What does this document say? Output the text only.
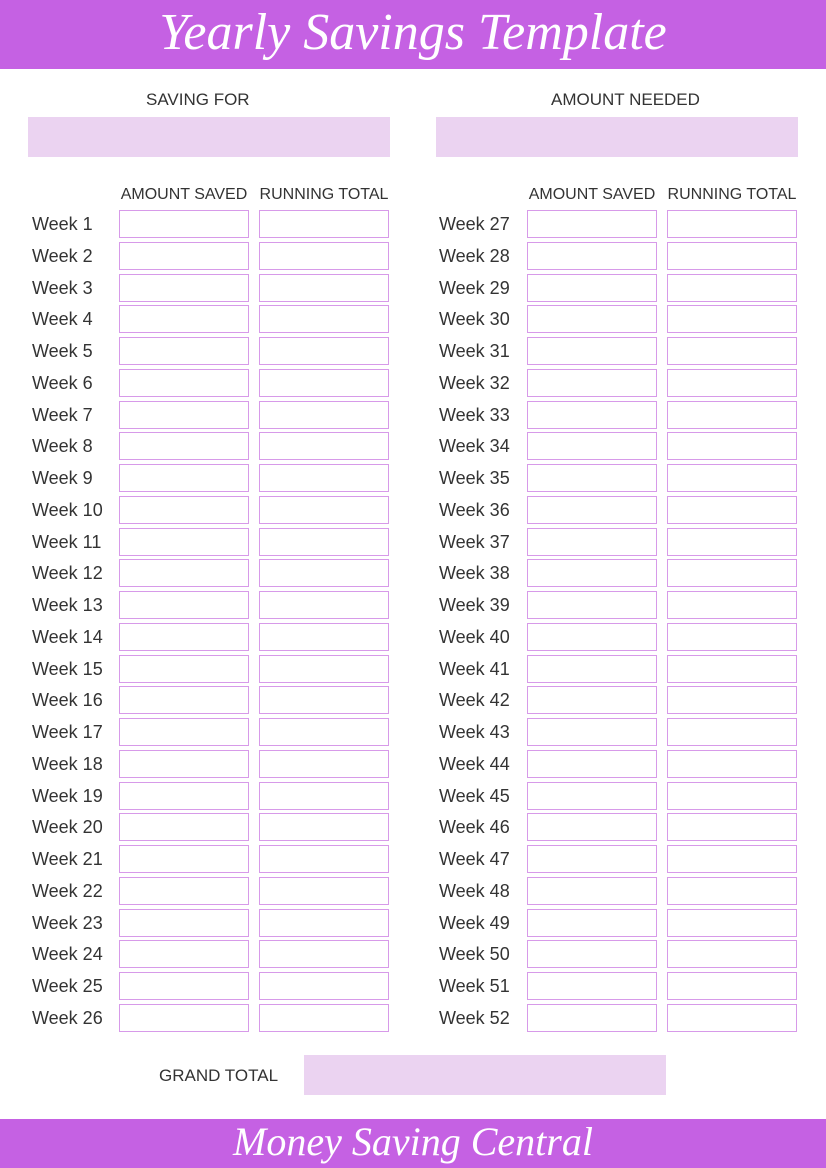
Yearly Savings Template
SAVING FOR	AMOUNT NEEDED
AMOUNT SAVED RUNNING TOTAL	AMOUNT SAVED RUNNING TOTAL
Week 1
Week 2
Week 3
Week 4
Week 5
Week 6
Week 7
Week 8
Week 9
Week 10
Week 11
Week 12
Week 13
Week 14
Week 15
Week 16
Week 17
Week 18
Week 19
Week 20
Week 21
Week 22
Week 23
Week 24
Week 25
Week 26
Week 27
Week 28
Week 29
Week 30
Week 31
Week 32
Week 33
Week 34
Week 35
Week 36
Week 37
Week 38
Week 39
Week 40
Week 41
Week 42
Week 43
Week 44
Week 45
Week 46
Week 47
Week 48
Week 49
Week 50
Week 51
Week 52
GRAND TOTAL
Money Saving Central
